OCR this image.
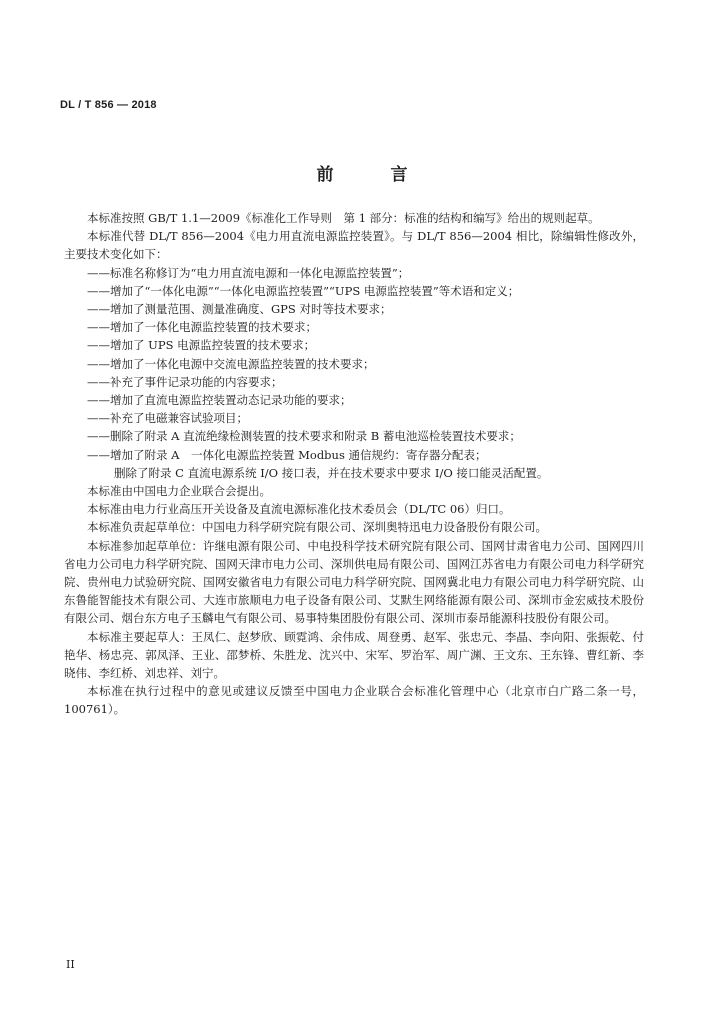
DL / T 856 — 2018
前　言

本标准按照 GB/T 1.1—2009《标准化工作导则　第 1 部分：标准的结构和编写》给出的规则起草。

本标准代替 DL/T 856—2004《电力用直流电源监控装置》。与 DL/T 856—2004 相比，除编辑性修改外，主要技术变化如下：

——标准名称修订为“电力用直流电源和一体化电源监控装置”；

——增加了“一体化电源”“一体化电源监控装置”“UPS 电源监控装置”等术语和定义；

——增加了测量范围、测量准确度、GPS 对时等技术要求；

——增加了一体化电源监控装置的技术要求；

——增加了 UPS 电源监控装置的技术要求；

——增加了一体化电源中交流电源监控装置的技术要求；

——补充了事件记录功能的内容要求；

——增加了直流电源监控装置动态记录功能的要求；

——补充了电磁兼容试验项目；

——删除了附录 A 直流绝缘检测装置的技术要求和附录 B 蓄电池巡检装置技术要求；

——增加了附录 A　一体化电源监控装置 Modbus 通信规约：寄存器分配表；

删除了附录 C 直流电源系统 I/O 接口表，并在技术要求中要求 I/O 接口能灵活配置。

本标准由中国电力企业联合会提出。

本标准由电力行业高压开关设备及直流电源标准化技术委员会（DL/TC 06）归口。

本标准负责起草单位：中国电力科学研究院有限公司、深圳奥特迅电力设备股份有限公司。

本标准参加起草单位：许继电源有限公司、中电投科学技术研究院有限公司、国网甘肃省电力公司、国网四川省电力公司电力科学研究院、国网天津市电力公司、深圳供电局有限公司、国网江苏省电力有限公司电力科学研究院、贵州电力试验研究院、国网安徽省电力有限公司电力科学研究院、国网冀北电力有限公司电力科学研究院、山东鲁能智能技术有限公司、大连市旅顺电力电子设备有限公司、艾默生网络能源有限公司、深圳市金宏威技术股份有限公司、烟台东方电子玉麟电气有限公司、易事特集团股份有限公司、深圳市泰昂能源科技股份有限公司。

本标准主要起草人：王凤仁、赵梦欣、顾霓鸿、余伟成、周登勇、赵军、张忠元、李晶、李向阳、张振乾、付艳华、杨忠亮、郭凤泽、王业、邵梦桥、朱胜龙、沈兴中、宋军、罗治军、周广渊、王文东、王东锋、曹红新、李晓伟、李红桥、刘忠祥、刘宁。

本标准在执行过程中的意见或建议反馈至中国电力企业联合会标准化管理中心（北京市白广路二条一号，100761）。

II
